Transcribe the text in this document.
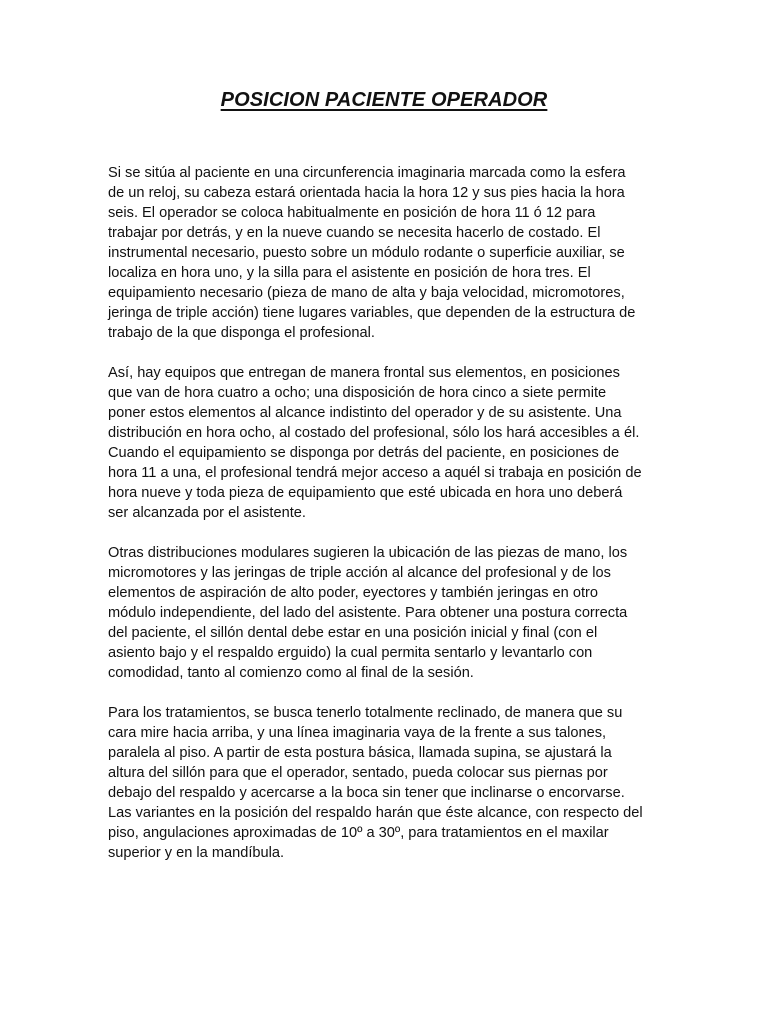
POSICION PACIENTE OPERADOR

Si se sitúa al paciente en una circunferencia imaginaria marcada como la esfera
de un reloj, su cabeza estará orientada hacia la hora 12 y sus pies hacia la hora
seis. El operador se coloca habitualmente en posición de hora 11 ó 12 para
trabajar por detrás, y en la nueve cuando se necesita hacerlo de costado. El
instrumental necesario, puesto sobre un módulo rodante o superficie auxiliar, se
localiza en hora uno, y la silla para el asistente en posición de hora tres. El
equipamiento necesario (pieza de mano de alta y baja velocidad, micromotores,
jeringa de triple acción) tiene lugares variables, que dependen de la estructura de
trabajo de la que disponga el profesional.

Así, hay equipos que entregan de manera frontal sus elementos, en posiciones
que van de hora cuatro a ocho; una disposición de hora cinco a siete permite
poner estos elementos al alcance indistinto del operador y de su asistente. Una
distribución en hora ocho, al costado del profesional, sólo los hará accesibles a él.
Cuando el equipamiento se disponga por detrás del paciente, en posiciones de
hora 11 a una, el profesional tendrá mejor acceso a aquél si trabaja en posición de
hora nueve y toda pieza de equipamiento que esté ubicada en hora uno deberá
ser alcanzada por el asistente.

Otras distribuciones modulares sugieren la ubicación de las piezas de mano, los
micromotores y las jeringas de triple acción al alcance del profesional y de los
elementos de aspiración de alto poder, eyectores y también jeringas en otro
módulo independiente, del lado del asistente. Para obtener una postura correcta
del paciente, el sillón dental debe estar en una posición inicial y final (con el
asiento bajo y el respaldo erguido) la cual permita sentarlo y levantarlo con
comodidad, tanto al comienzo como al final de la sesión.

Para los tratamientos, se busca tenerlo totalmente reclinado, de manera que su
cara mire hacia arriba, y una línea imaginaria vaya de la frente a sus talones,
paralela al piso. A partir de esta postura básica, llamada supina, se ajustará la
altura del sillón para que el operador, sentado, pueda colocar sus piernas por
debajo del respaldo y acercarse a la boca sin tener que inclinarse o encorvarse.
Las variantes en la posición del respaldo harán que éste alcance, con respecto del
piso, angulaciones aproximadas de 10º a 30º, para tratamientos en el maxilar
superior y en la mandíbula.
